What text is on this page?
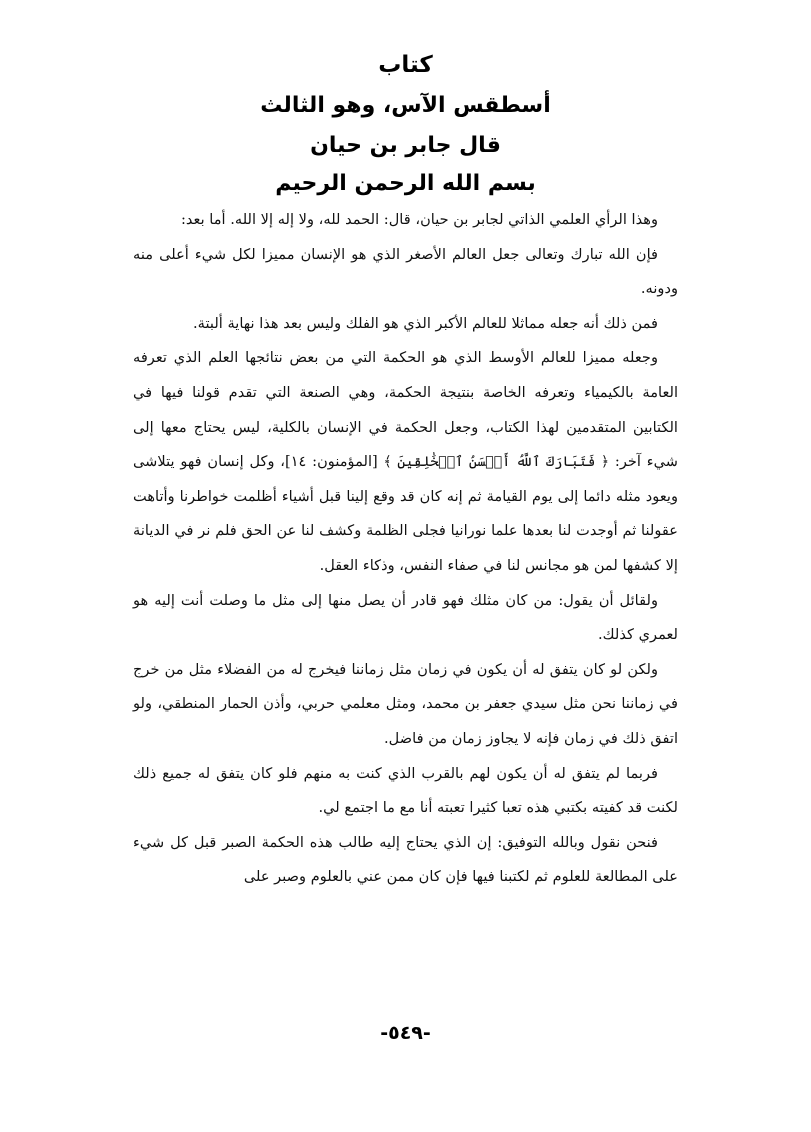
كتاب
أسطقس الآس، وهو الثالث
قال جابر بن حيان
بسم الله الرحمن الرحيم

وهذا الرأي العلمي الذاتي لجابر بن حيان، قال: الحمد لله، ولا إله إلا الله. أما بعد:

فإن الله تبارك وتعالى جعل العالم الأصغر الذي هو الإنسان مميزا لكل شيء أعلى منه ودونه.

فمن ذلك أنه جعله مماثلا للعالم الأكبر الذي هو الفلك وليس بعد هذا نهاية ألبتة.

وجعله مميزا للعالم الأوسط الذي هو الحكمة التي من بعض نتائجها العلم الذي تعرفه العامة بالكيمياء وتعرفه الخاصة بنتيجة الحكمة، وهي الصنعة التي تقدم قولنا فيها في الكتابين المتقدمين لهذا الكتاب، وجعل الحكمة في الإنسان بالكلية، ليس يحتاج معها إلى شيء آخر: ﴿ فَتَبَارَكَ ٱللَّهُ أَحۡسَنُ ٱلۡخَٰلِقِينَ ﴾ [المؤمنون: ١٤]، وكل إنسان فهو يتلاشى ويعود مثله دائما إلى يوم القيامة ثم إنه كان قد وقع إلينا قبل أشياء أظلمت خواطرنا وأتاهت عقولنا ثم أوجدت لنا بعدها علما نورانيا فجلى الظلمة وكشف لنا عن الحق فلم نر في الديانة إلا كشفها لمن هو مجانس لنا في صفاء النفس، وذكاء العقل.

ولقائل أن يقول: من كان مثلك فهو قادر أن يصل منها إلى مثل ما وصلت أنت إليه هو لعمري كذلك.

ولكن لو كان يتفق له أن يكون في زمان مثل زماننا فيخرج له من الفضلاء مثل من خرج في زماننا نحن مثل سيدي جعفر بن محمد، ومثل معلمي حربي، وأذن الحمار المنطقي، ولو اتفق ذلك في زمان فإنه لا يجاوز زمان من فاضل.

فربما لم يتفق له أن يكون لهم بالقرب الذي كنت به منهم فلو كان يتفق له جميع ذلك لكنت قد كفيته بكتبي هذه تعبا كثيرا تعبته أنا مع ما اجتمع لي.

فنحن نقول وبالله التوفيق: إن الذي يحتاج إليه طالب هذه الحكمة الصبر قبل كل شيء على المطالعة للعلوم ثم لكتبنا فيها فإن كان ممن عني بالعلوم وصبر على

-٥٤٩-
